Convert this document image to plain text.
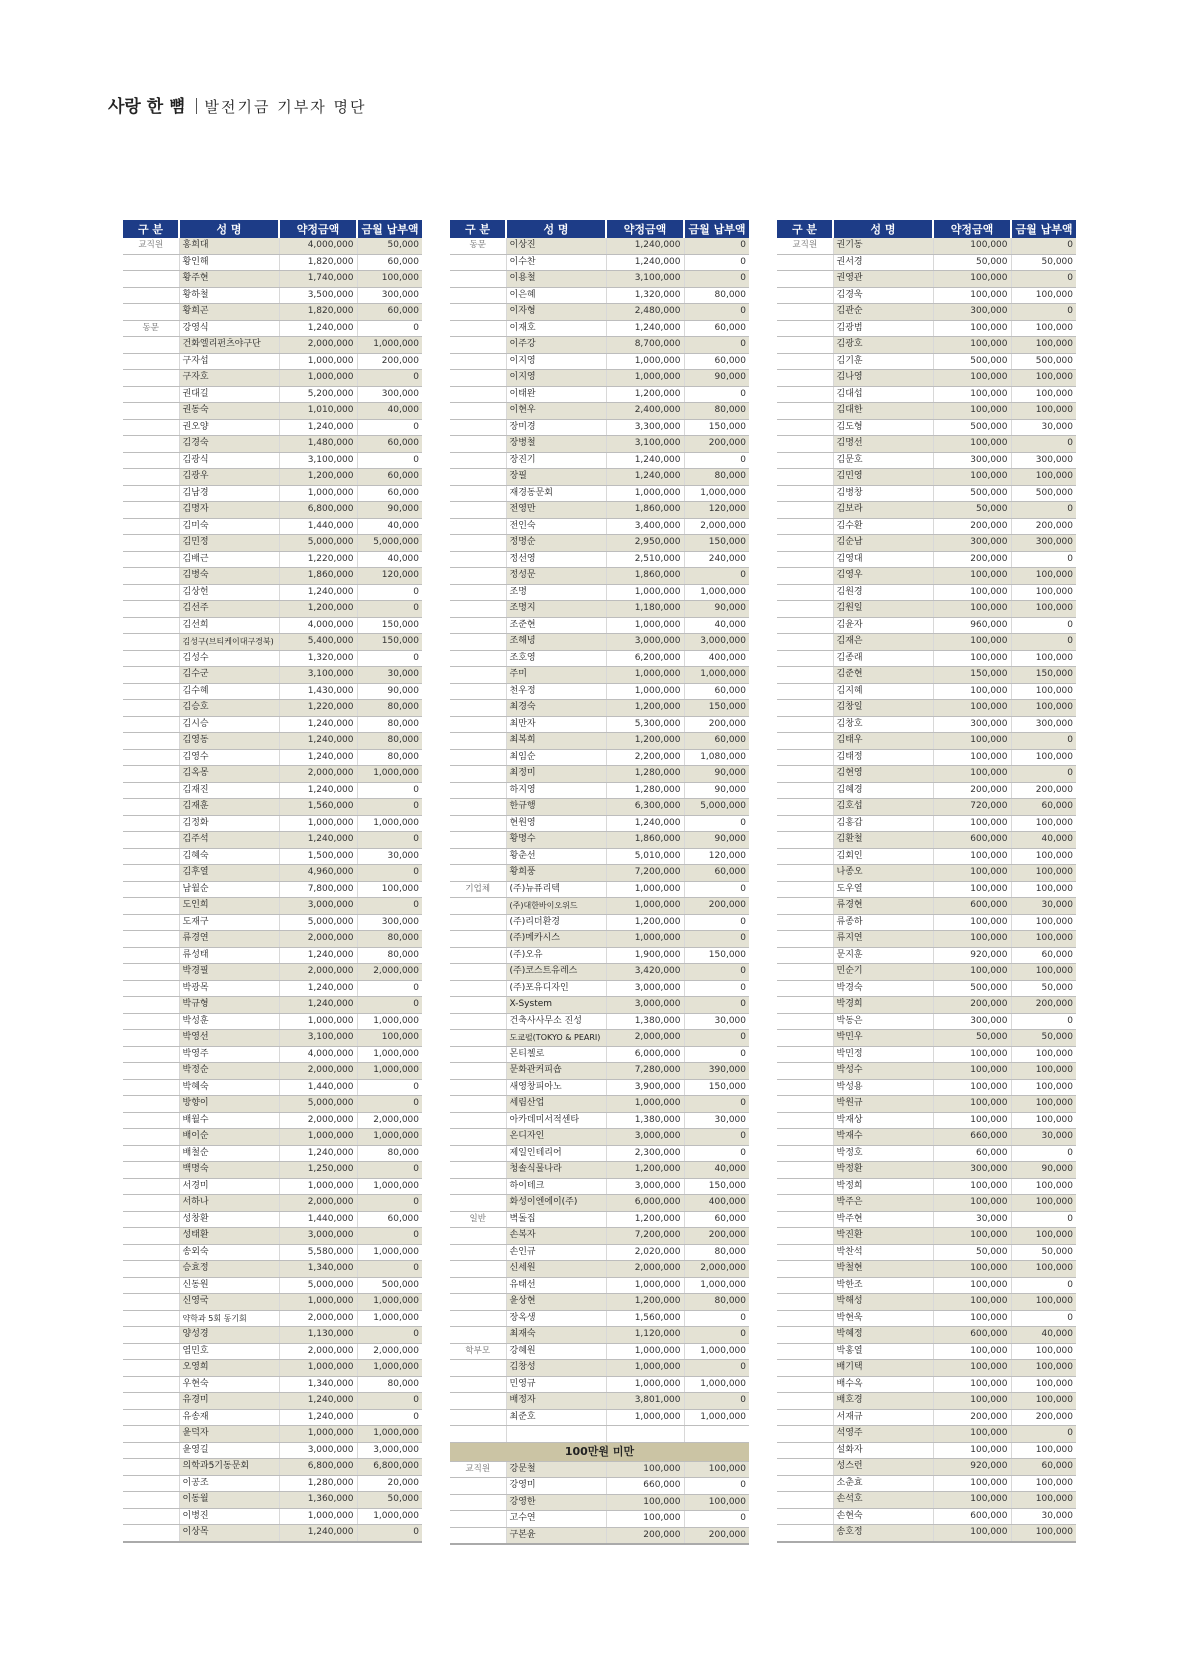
사랑 한 뼘 발전기금 기부자 명단
구 분	성 명	약정금액	금월 납부액
교직원	홍희대	4,000,000	50,000
	황인해	1,820,000	60,000
	황주현	1,740,000	100,000
	황하철	3,500,000	300,000
	황희곤	1,820,000	60,000
동문	강영식	1,240,000	0
	건화엘리펀츠야구단	2,000,000	1,000,000
	구자섭	1,000,000	200,000
	구자호	1,000,000	0
	권대길	5,200,000	300,000
	권동숙	1,010,000	40,000
	권오양	1,240,000	0
	김경숙	1,480,000	60,000
	김광식	3,100,000	0
	김광우	1,200,000	60,000
	김남경	1,000,000	60,000
	김명자	6,800,000	90,000
	김미숙	1,440,000	40,000
	김민정	5,000,000	5,000,000
	김배근	1,220,000	40,000
	김병숙	1,860,000	120,000
	김상헌	1,240,000	0
	김선주	1,200,000	0
	김선희	4,000,000	150,000
	김성구(브티케이대구경북)	5,400,000	150,000
	김성수	1,320,000	0
	김수군	3,100,000	30,000
	김수혜	1,430,000	90,000
	김승호	1,220,000	80,000
	김시승	1,240,000	80,000
	김영동	1,240,000	80,000
	김영수	1,240,000	80,000
	김옥몽	2,000,000	1,000,000
	김재진	1,240,000	0
	김재훈	1,560,000	0
	김정화	1,000,000	1,000,000
	김주석	1,240,000	0
	김혜숙	1,500,000	30,000
	김후열	4,960,000	0
	남월순	7,800,000	100,000
	도인희	3,000,000	0
	도재구	5,000,000	300,000
	류경연	2,000,000	80,000
	류성태	1,240,000	80,000
	박경필	2,000,000	2,000,000
	박광목	1,240,000	0
	박규형	1,240,000	0
	박성훈	1,000,000	1,000,000
	박영선	3,100,000	100,000
	박영주	4,000,000	1,000,000
	박정순	2,000,000	1,000,000
	박혜숙	1,440,000	0
	방향이	5,000,000	0
	배월수	2,000,000	2,000,000
	배이순	1,000,000	1,000,000
	배철순	1,240,000	80,000
	백명숙	1,250,000	0
	서경미	1,000,000	1,000,000
	서하나	2,000,000	0
	성창환	1,440,000	60,000
	성태환	3,000,000	0
	송외숙	5,580,000	1,000,000
	승효정	1,340,000	0
	신동원	5,000,000	500,000
	신영국	1,000,000	1,000,000
	약학과 5회 동기회	2,000,000	1,000,000
	양성경	1,130,000	0
	염민호	2,000,000	2,000,000
	오영희	1,000,000	1,000,000
	우현숙	1,340,000	80,000
	유경미	1,240,000	0
	유송재	1,240,000	0
	윤덕자	1,000,000	1,000,000
	윤영길	3,000,000	3,000,000
	의학과5기동문회	6,800,000	6,800,000
	이공조	1,280,000	20,000
	이동월	1,360,000	50,000
	이병진	1,000,000	1,000,000
	이상목	1,240,000	0
구 분	성 명	약정금액	금월 납부액
동문	이상진	1,240,000	0
	이수찬	1,240,000	0
	이용철	3,100,000	0
	이은혜	1,320,000	80,000
	이자형	2,480,000	0
	이재호	1,240,000	60,000
	이주강	8,700,000	0
	이지영	1,000,000	60,000
	이지영	1,000,000	90,000
	이태완	1,200,000	0
	이현우	2,400,000	80,000
	장미경	3,300,000	150,000
	장병철	3,100,000	200,000
	장진기	1,240,000	0
	장필	1,240,000	80,000
	재경동문회	1,000,000	1,000,000
	전영만	1,860,000	120,000
	전인숙	3,400,000	2,000,000
	정명순	2,950,000	150,000
	정선영	2,510,000	240,000
	정성문	1,860,000	0
	조명	1,000,000	1,000,000
	조명지	1,180,000	90,000
	조준현	1,000,000	40,000
	조해녕	3,000,000	3,000,000
	조호영	6,200,000	400,000
	주미	1,000,000	1,000,000
	천우정	1,000,000	60,000
	최경숙	1,200,000	150,000
	최만자	5,300,000	200,000
	최복희	1,200,000	60,000
	최임순	2,200,000	1,080,000
	최정미	1,280,000	90,000
	하지영	1,280,000	90,000
	한규행	6,300,000	5,000,000
	현원영	1,240,000	0
	황명수	1,860,000	90,000
	황춘선	5,010,000	120,000
	황희풍	7,200,000	60,000
기업체	(주)뉴퓨리텍	1,000,000	0
	(주)대한바이오위드	1,000,000	200,000
	(주)리더환경	1,200,000	0
	(주)메카시스	1,000,000	0
	(주)오유	1,900,000	150,000
	(주)코스트유레스	3,420,000	0
	(주)포유디자인	3,000,000	0
	X-System	3,000,000	0
	건축사사무소 진성	1,380,000	30,000
	도쿄펄(TOKYO & PEARI)	2,000,000	0
	몬티첼로	6,000,000	0
	문화관커피숍	7,280,000	390,000
	새영창피아노	3,900,000	150,000
	세림산업	1,000,000	0
	아카데미서적센타	1,380,000	30,000
	온디자인	3,000,000	0
	제일인테리어	2,300,000	0
	청솔식물나라	1,200,000	40,000
	하이테크	3,000,000	150,000
	화성이엔에이(주)	6,000,000	400,000
일반	벽돌집	1,200,000	60,000
	손복자	7,200,000	200,000
	손인규	2,020,000	80,000
	신세원	2,000,000	2,000,000
	유태선	1,000,000	1,000,000
	윤상현	1,200,000	80,000
	장옥생	1,560,000	0
	최재숙	1,120,000	0
학부모	강혜원	1,000,000	1,000,000
	김창성	1,000,000	0
	민영규	1,000,000	1,000,000
	배정자	3,801,000	0
	최준호	1,000,000	1,000,000

100만원 미만			
교직원	강문철	100,000	100,000
	강영미	660,000	0
	강영한	100,000	100,000
	고수연	100,000	0
	구본윤	200,000	200,000
구 분	성 명	약정금액	금월 납부액
교직원	권기동	100,000	0
	권서경	50,000	50,000
	권영관	100,000	0
	김경욱	100,000	100,000
	김관순	300,000	0
	김광범	100,000	100,000
	김광호	100,000	100,000
	김기훈	500,000	500,000
	김나영	100,000	100,000
	김대섭	100,000	100,000
	김대한	100,000	100,000
	김도형	500,000	30,000
	김명선	100,000	0
	김문호	300,000	300,000
	김민영	100,000	100,000
	김병창	500,000	500,000
	김보라	50,000	0
	김수환	200,000	200,000
	김순남	300,000	300,000
	김영대	200,000	0
	김영우	100,000	100,000
	김원경	100,000	100,000
	김원일	100,000	100,000
	김윤자	960,000	0
	김재은	100,000	0
	김종래	100,000	100,000
	김준현	150,000	150,000
	김지혜	100,000	100,000
	김창일	100,000	100,000
	김창호	300,000	300,000
	김태우	100,000	0
	김태정	100,000	100,000
	김현영	100,000	0
	김혜경	200,000	200,000
	김호섭	720,000	60,000
	김홍갑	100,000	100,000
	김환철	600,000	40,000
	김회인	100,000	100,000
	나종오	100,000	100,000
	도우열	100,000	100,000
	류경현	600,000	30,000
	류종하	100,000	100,000
	류지연	100,000	100,000
	문지훈	920,000	60,000
	민순기	100,000	100,000
	박경숙	500,000	50,000
	박경희	200,000	200,000
	박동은	300,000	0
	박민우	50,000	50,000
	박민정	100,000	100,000
	박성수	100,000	100,000
	박성용	100,000	100,000
	박원규	100,000	100,000
	박재상	100,000	100,000
	박재수	660,000	30,000
	박정호	60,000	0
	박정환	300,000	90,000
	박정희	100,000	100,000
	박주은	100,000	100,000
	박주현	30,000	0
	박진환	100,000	100,000
	박찬석	50,000	50,000
	박철현	100,000	100,000
	박한조	100,000	0
	박해성	100,000	100,000
	박현욱	100,000	0
	박혜정	600,000	40,000
	박홍열	100,000	100,000
	배기택	100,000	100,000
	배수옥	100,000	100,000
	배호경	100,000	100,000
	서재규	200,000	200,000
	석영주	100,000	0
	설화자	100,000	100,000
	성스런	920,000	60,000
	소춘효	100,000	100,000
	손석호	100,000	100,000
	손현숙	600,000	30,000
	송호정	100,000	100,000
